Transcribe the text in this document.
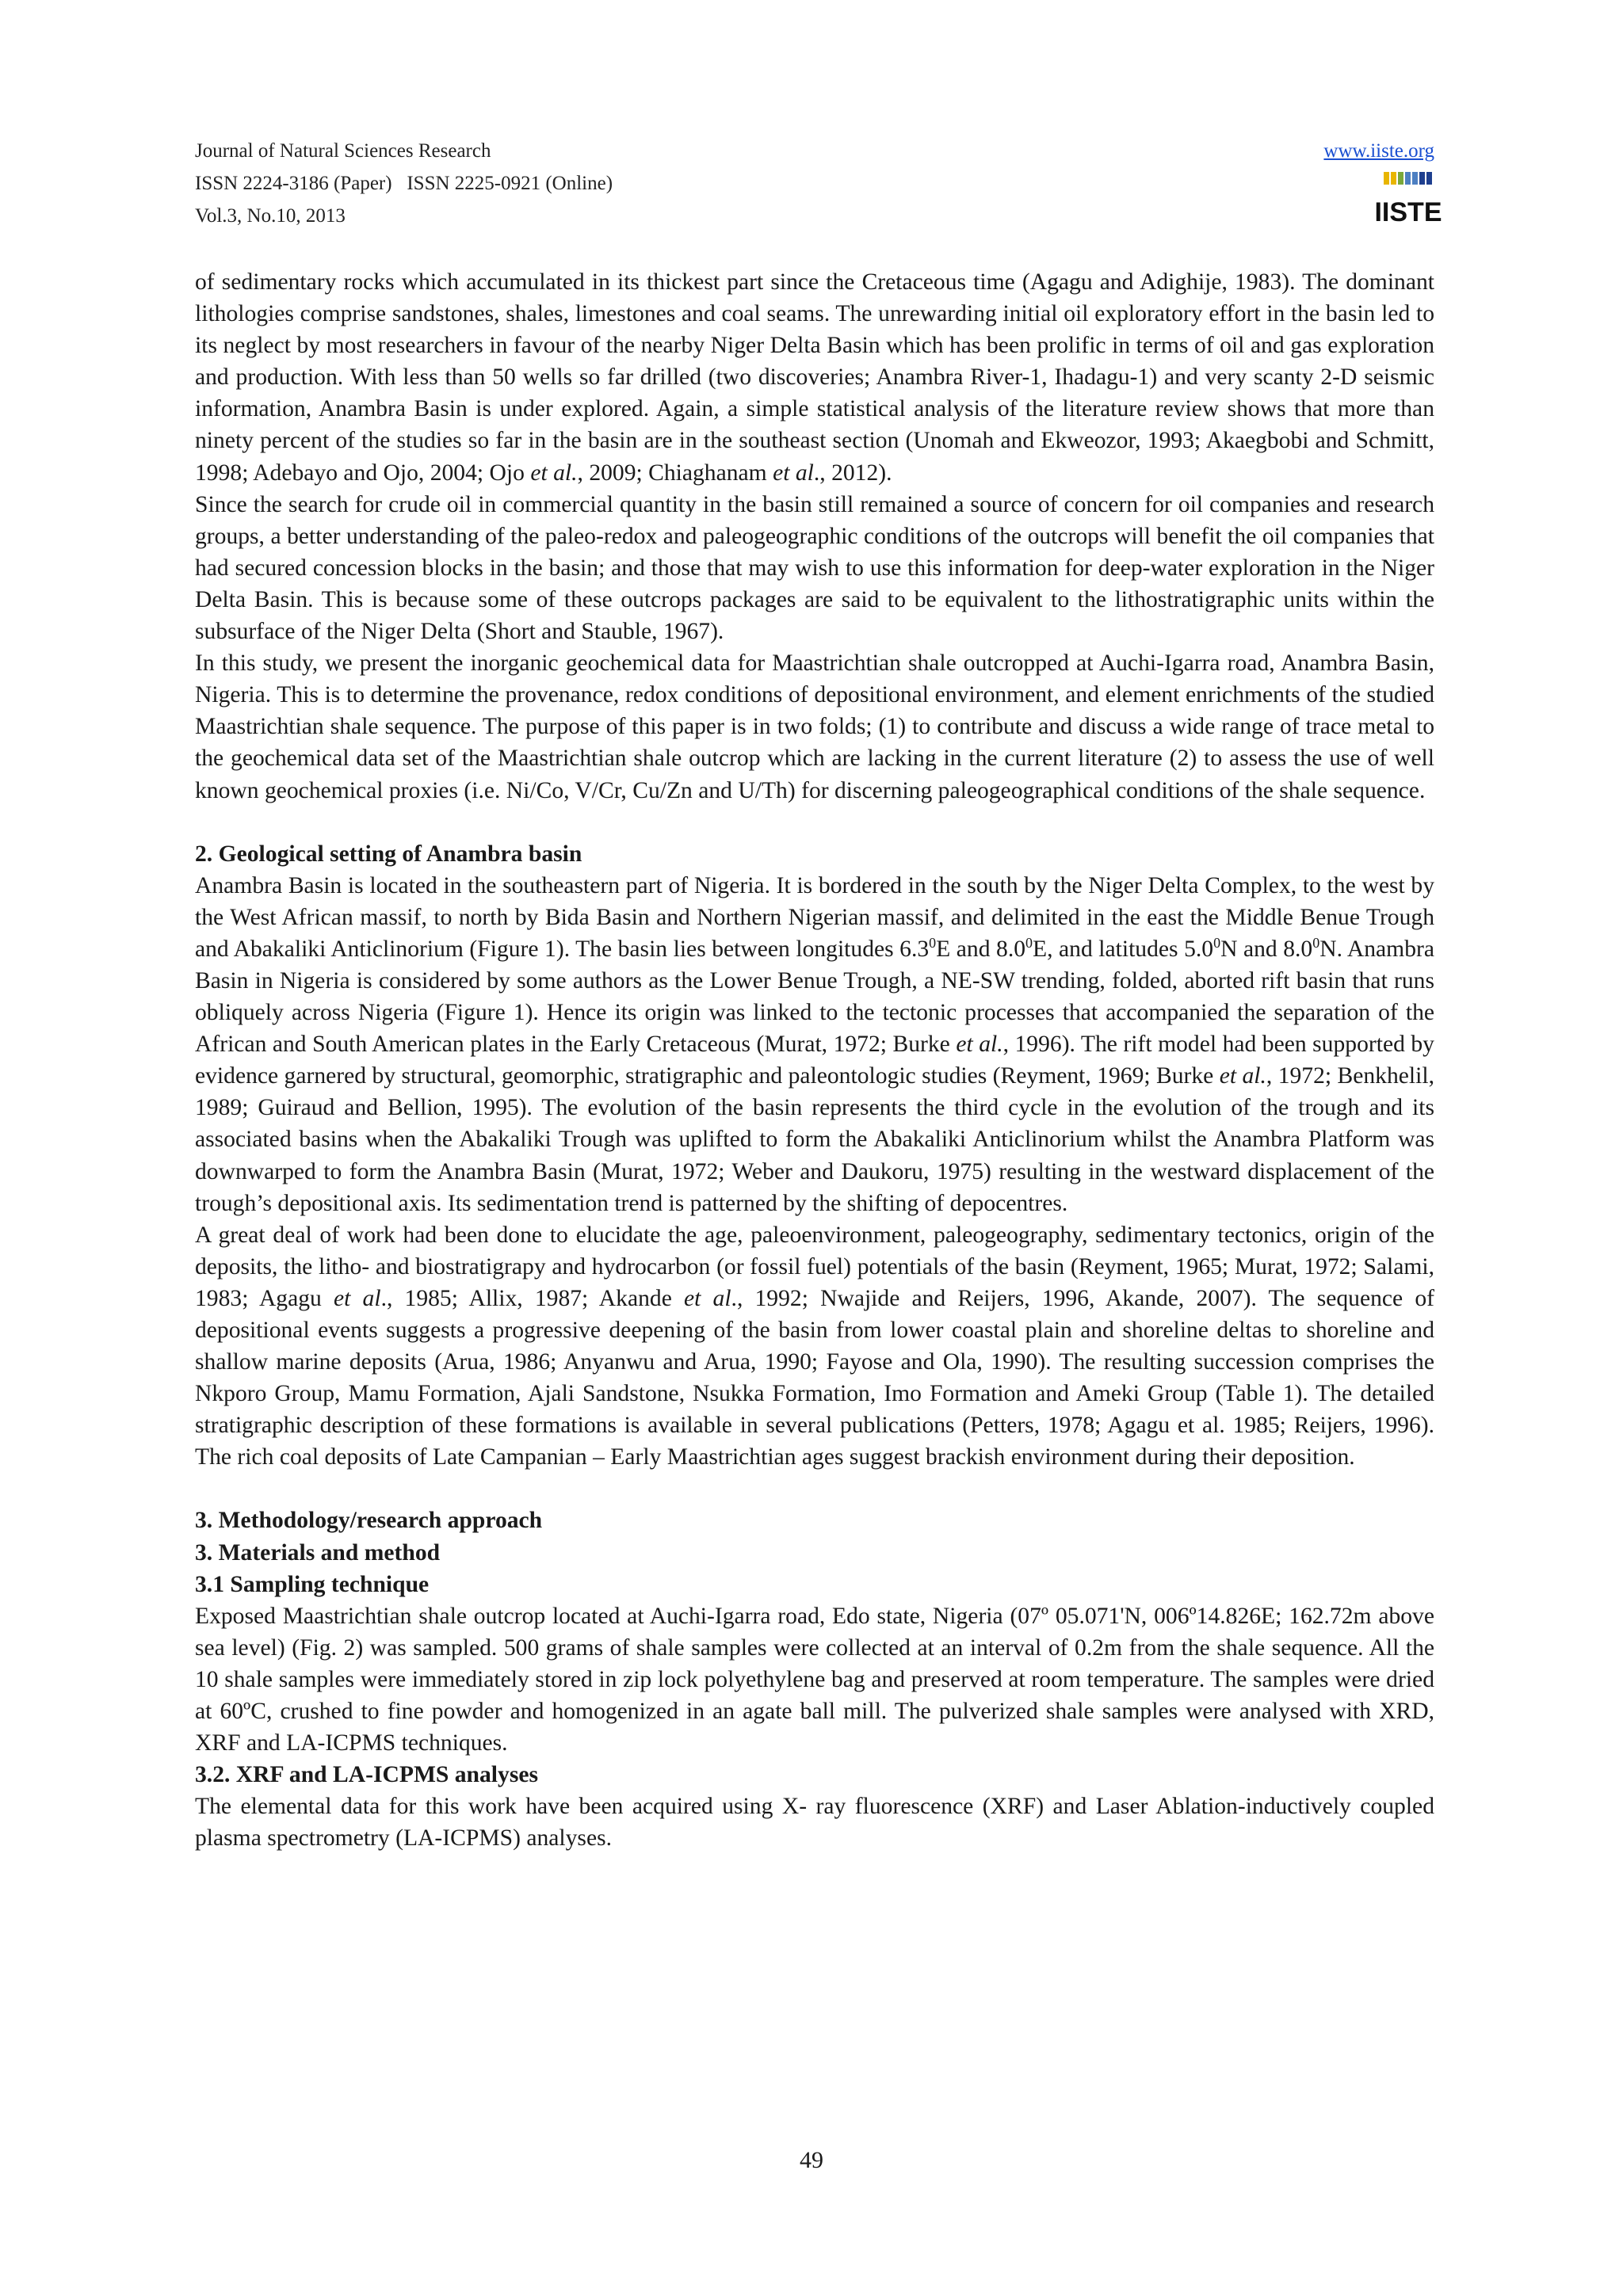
Journal of Natural Sciences Research
ISSN 2224-3186 (Paper)   ISSN 2225-0921 (Online)
Vol.3, No.10, 2013
www.iiste.org
IISTE

of sedimentary rocks which accumulated in its thickest part since the Cretaceous time (Agagu and Adighije, 1983). The dominant lithologies comprise sandstones, shales, limestones and coal seams. The unrewarding initial oil exploratory effort in the basin led to its neglect by most researchers in favour of the nearby Niger Delta Basin which has been prolific in terms of oil and gas exploration and production. With less than 50 wells so far drilled (two discoveries; Anambra River-1, Ihadagu-1) and very scanty 2-D seismic information, Anambra Basin is under explored. Again, a simple statistical analysis of the literature review shows that more than ninety percent of the studies so far in the basin are in the southeast section (Unomah and Ekweozor, 1993; Akaegbobi and Schmitt, 1998; Adebayo and Ojo, 2004; Ojo et al., 2009; Chiaghanam et al., 2012).

Since the search for crude oil in commercial quantity in the basin still remained a source of concern for oil companies and research groups, a better understanding of the paleo-redox and paleogeographic conditions of the outcrops will benefit the oil companies that had secured concession blocks in the basin; and those that may wish to use this information for deep-water exploration in the Niger Delta Basin. This is because some of these outcrops packages are said to be equivalent to the lithostratigraphic units within the subsurface of the Niger Delta (Short and Stauble, 1967).

In this study, we present the inorganic geochemical data for Maastrichtian shale outcropped at Auchi-Igarra road, Anambra Basin, Nigeria. This is to determine the provenance, redox conditions of depositional environment, and element enrichments of the studied Maastrichtian shale sequence. The purpose of this paper is in two folds; (1) to contribute and discuss a wide range of trace metal to the geochemical data set of the Maastrichtian shale outcrop which are lacking in the current literature (2) to assess the use of well known geochemical proxies (i.e. Ni/Co, V/Cr, Cu/Zn and U/Th) for discerning paleogeographical conditions of the shale sequence.

2. Geological setting of Anambra basin

Anambra Basin is located in the southeastern part of Nigeria. It is bordered in the south by the Niger Delta Complex, to the west by the West African massif, to north by Bida Basin and Northern Nigerian massif, and delimited in the east the Middle Benue Trough and Abakaliki Anticlinorium (Figure 1). The basin lies between longitudes $6.3^0E$ and $8.0^0E$, and latitudes $5.0^0N$ and $8.0^0N$. Anambra Basin in Nigeria is considered by some authors as the Lower Benue Trough, a NE-SW trending, folded, aborted rift basin that runs obliquely across Nigeria (Figure 1). Hence its origin was linked to the tectonic processes that accompanied the separation of the African and South American plates in the Early Cretaceous (Murat, 1972; Burke et al., 1996). The rift model had been supported by evidence garnered by structural, geomorphic, stratigraphic and paleontologic studies (Reyment, 1969; Burke et al., 1972; Benkhelil, 1989; Guiraud and Bellion, 1995). The evolution of the basin represents the third cycle in the evolution of the trough and its associated basins when the Abakaliki Trough was uplifted to form the Abakaliki Anticlinorium whilst the Anambra Platform was downwarped to form the Anambra Basin (Murat, 1972; Weber and Daukoru, 1975) resulting in the westward displacement of the trough’s depositional axis. Its sedimentation trend is patterned by the shifting of depocentres.

A great deal of work had been done to elucidate the age, paleoenvironment, paleogeography, sedimentary tectonics, origin of the deposits, the litho- and biostratigrapy and hydrocarbon (or fossil fuel) potentials of the basin (Reyment, 1965; Murat, 1972; Salami, 1983; Agagu et al., 1985; Allix, 1987; Akande et al., 1992; Nwajide and Reijers, 1996, Akande, 2007). The sequence of depositional events suggests a progressive deepening of the basin from lower coastal plain and shoreline deltas to shoreline and shallow marine deposits (Arua, 1986; Anyanwu and Arua, 1990; Fayose and Ola, 1990). The resulting succession comprises the Nkporo Group, Mamu Formation, Ajali Sandstone, Nsukka Formation, Imo Formation and Ameki Group (Table 1). The detailed stratigraphic description of these formations is available in several publications (Petters, 1978; Agagu et al. 1985; Reijers, 1996). The rich coal deposits of Late Campanian – Early Maastrichtian ages suggest brackish environment during their deposition.

3. Methodology/research approach

3. Materials and method

3.1 Sampling technique

Exposed Maastrichtian shale outcrop located at Auchi-Igarra road, Edo state, Nigeria (07º 05.071'N, 006º14.826E; 162.72m above sea level) (Fig. 2) was sampled. 500 grams of shale samples were collected at an interval of 0.2m from the shale sequence. All the 10 shale samples were immediately stored in zip lock polyethylene bag and preserved at room temperature. The samples were dried at 60ºC, crushed to fine powder and homogenized in an agate ball mill. The pulverized shale samples were analysed with XRD, XRF and LA-ICPMS techniques.

3.2. XRF and LA-ICPMS analyses

The elemental data for this work have been acquired using X- ray fluorescence (XRF) and Laser Ablation-inductively coupled plasma spectrometry (LA-ICPMS) analyses.

49
